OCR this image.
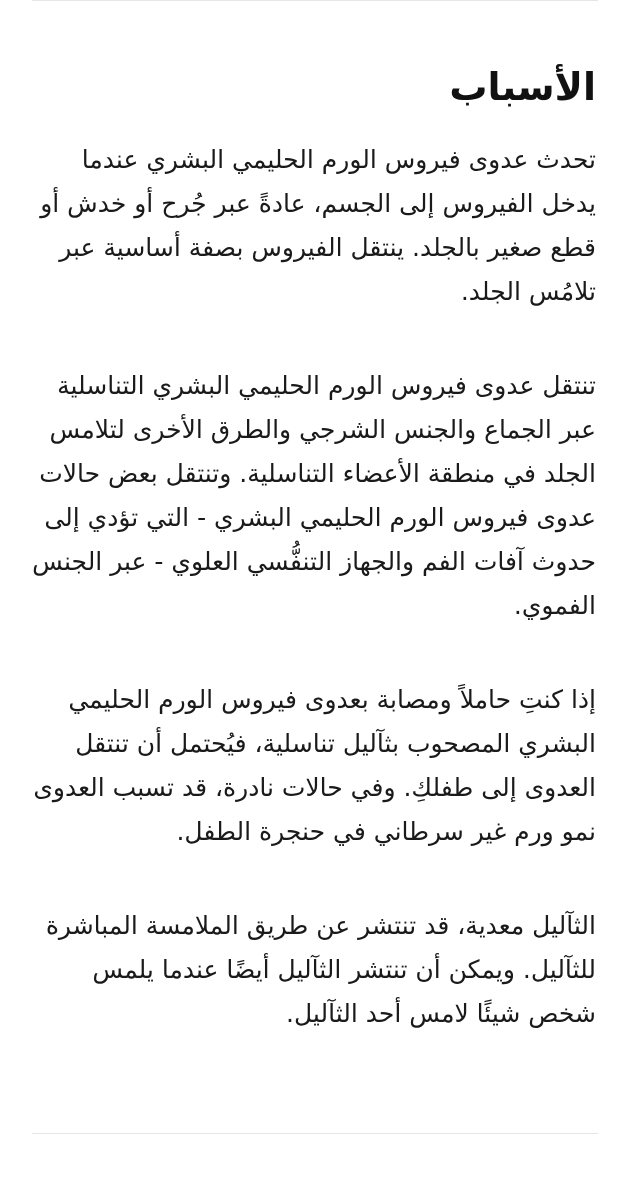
الأسباب

تحدث عدوى فيروس الورم الحليمي البشري عندما يدخل الفيروس إلى الجسم، عادةً عبر جُرح أو خدش أو قطع صغير بالجلد. ينتقل الفيروس بصفة أساسية عبر تلامُس الجلد.

تنتقل عدوى فيروس الورم الحليمي البشري التناسلية عبر الجماع والجنس الشرجي والطرق الأخرى لتلامس الجلد في منطقة الأعضاء التناسلية. وتنتقل بعض حالات عدوى فيروس الورم الحليمي البشري - التي تؤدي إلى حدوث آفات الفم والجهاز التنفُّسي العلوي - عبر الجنس الفموي.

إذا كنتِ حاملاً ومصابة بعدوى فيروس الورم الحليمي البشري المصحوب بثآليل تناسلية، فيُحتمل أن تنتقل العدوى إلى طفلكِ. وفي حالات نادرة، قد تسبب العدوى نمو ورم غير سرطاني في حنجرة الطفل.

الثآليل معدية، قد تنتشر عن طريق الملامسة المباشرة للثآليل. ويمكن أن تنتشر الثآليل أيضًا عندما يلمس شخص شيئًا لامس أحد الثآليل.
